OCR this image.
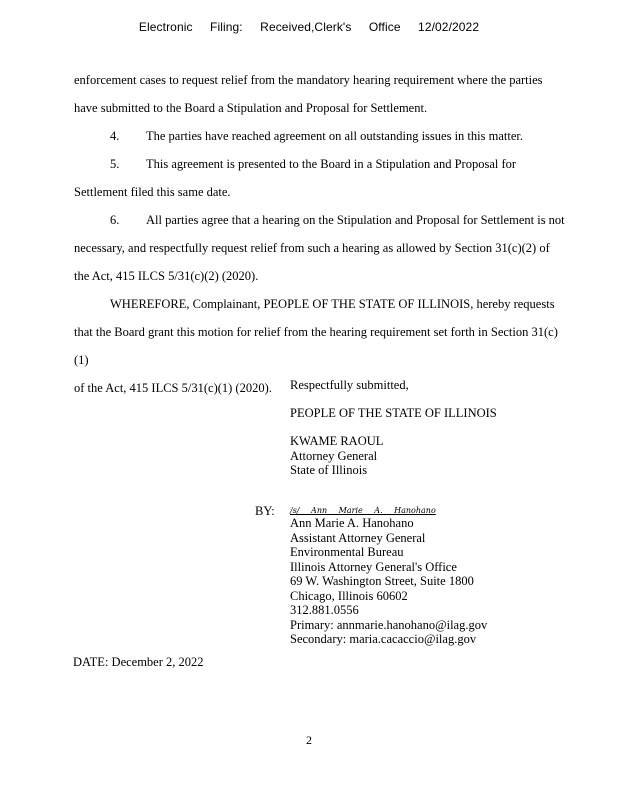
Electronic Filing: Received,Clerk's Office 12/02/2022

enforcement cases to request relief from the mandatory hearing requirement where the parties

have submitted to the Board a Stipulation and Proposal for Settlement.

4. The parties have reached agreement on all outstanding issues in this matter.

5. This agreement is presented to the Board in a Stipulation and Proposal for

Settlement filed this same date.

6. All parties agree that a hearing on the Stipulation and Proposal for Settlement is not

necessary, and respectfully request relief from such a hearing as allowed by Section 31(c)(2) of

the Act, 415 ILCS 5/31(c)(2) (2020).

WHEREFORE, Complainant, PEOPLE OF THE STATE OF ILLINOIS, hereby requests

that the Board grant this motion for relief from the hearing requirement set forth in Section 31(c)(1)

of the Act, 415 ILCS 5/31(c)(1) (2020).	Respectfully submitted,
PEOPLE OF THE STATE OF ILLINOIS
KWAME RAOUL
Attorney General
State of Illinois
BY: /s/ Ann Marie A. Hanohano
Ann Marie A. Hanohano
Assistant Attorney General
Environmental Bureau
Illinois Attorney General's Office
69 W. Washington Street, Suite 1800
Chicago, Illinois 60602
312.881.0556
Primary: annmarie.hanohano@ilag.gov
Secondary: maria.cacaccio@ilag.gov
DATE: December 2, 2022
2
